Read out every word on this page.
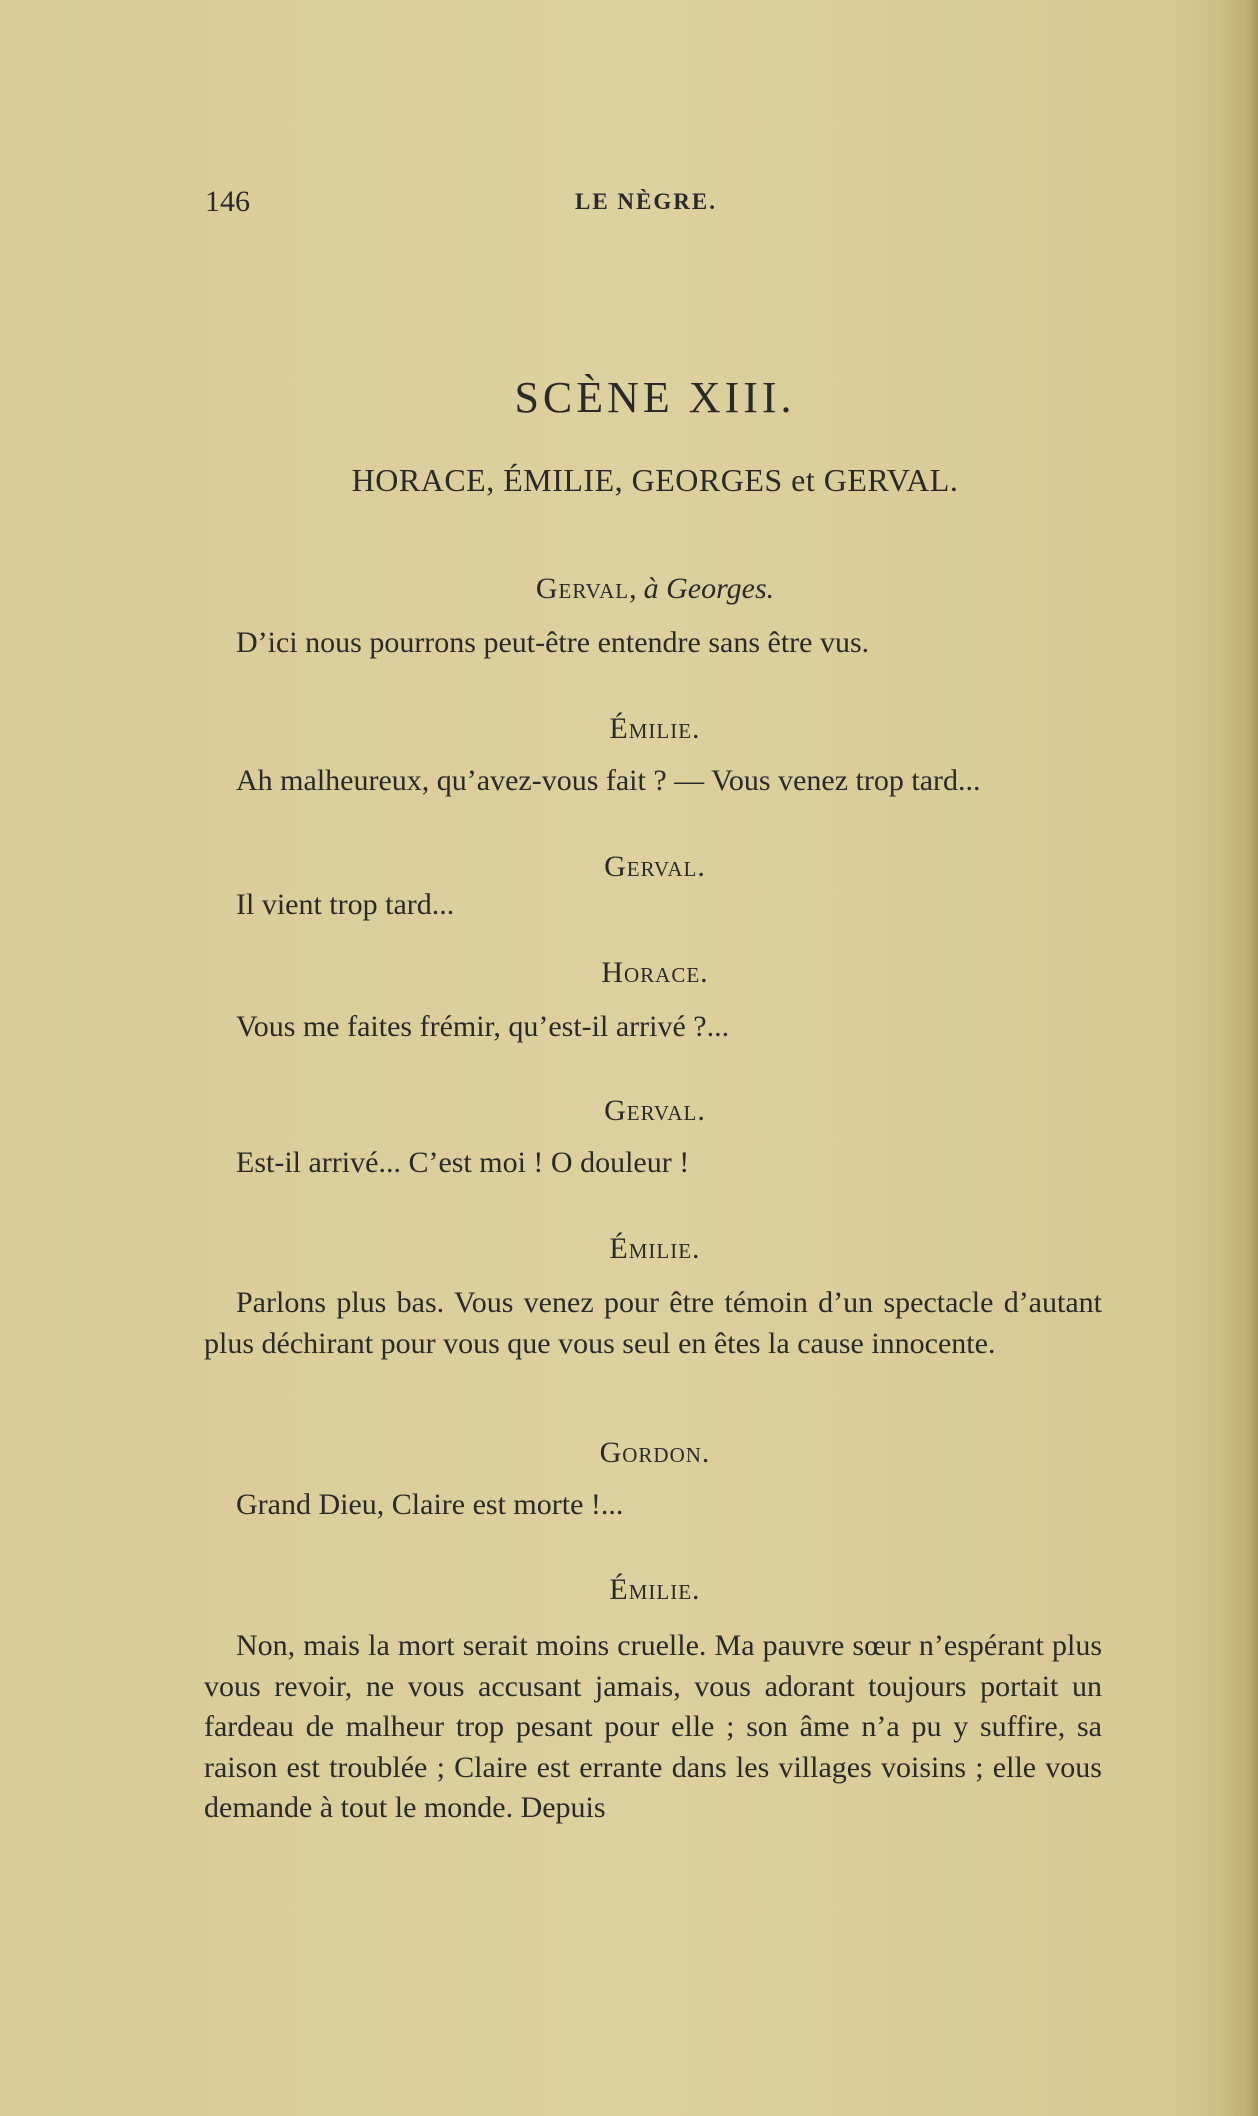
146	LE NÈGRE.
SCÈNE XIII.
HORACE, ÉMILIE, GEORGES et GERVAL.
Gerval, à Georges.
D’ici nous pourrons peut-être entendre sans être vus.
Émilie.
Ah malheureux, qu’avez-vous fait ? — Vous venez trop tard...
Gerval.
Il vient trop tard...
Horace.
Vous me faites frémir, qu’est-il arrivé ?...
Gerval.
Est-il arrivé... C’est moi ! O douleur !
Émilie.
Parlons plus bas. Vous venez pour être témoin d’un spectacle d’autant plus déchirant pour vous que vous seul en êtes la cause innocente.
Gordon.
Grand Dieu, Claire est morte !...
Émilie.
Non, mais la mort serait moins cruelle. Ma pauvre sœur n’espérant plus vous revoir, ne vous accusant jamais, vous adorant toujours portait un fardeau de malheur trop pesant pour elle ; son âme n’a pu y suffire, sa raison est troublée ; Claire est errante dans les villages voisins ; elle vous demande à tout le monde. Depuis
